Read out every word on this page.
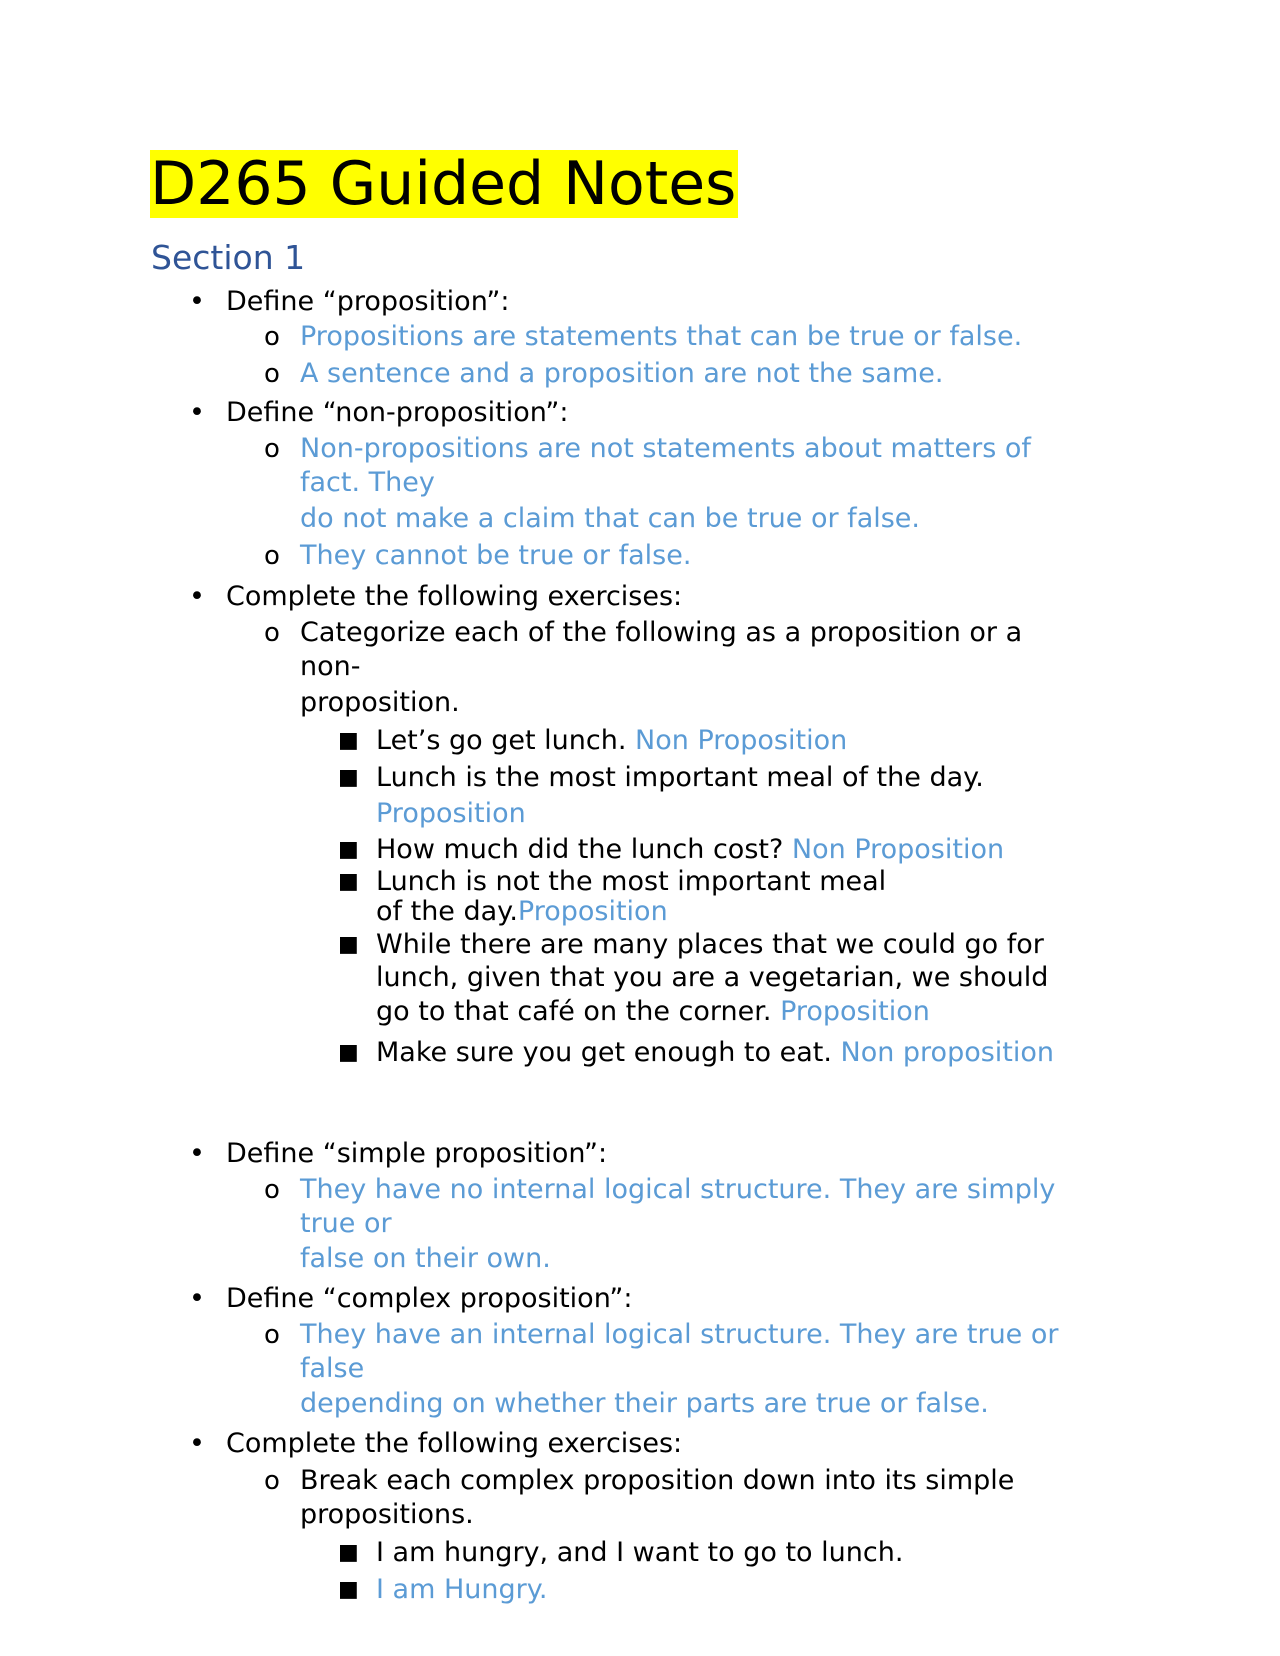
D265 Guided Notes
Section 1
• Define “proposition”:
o Propositions are statements that can be true or false.
o A sentence and a proposition are not the same.
• Define “non-proposition”:
o Non-propositions are not statements about matters of
fact. They
do not make a claim that can be true or false.
o They cannot be true or false.
• Complete the following exercises:
o Categorize each of the following as a proposition or a
non-
proposition.
■ Let’s go get lunch. Non Proposition
■ Lunch is the most important meal of the day.
Proposition
■ How much did the lunch cost? Non Proposition
■ Lunch is not the most important meal
of the day.Proposition
■ While there are many places that we could go for
lunch, given that you are a vegetarian, we should
go to that café on the corner. Proposition
■ Make sure you get enough to eat. Non proposition
• Define “simple proposition”:
o They have no internal logical structure. They are simply
true or
false on their own.
• Define “complex proposition”:
o They have an internal logical structure. They are true or
false
depending on whether their parts are true or false.
• Complete the following exercises:
o Break each complex proposition down into its simple
propositions.
■ I am hungry, and I want to go to lunch.
■ I am Hungry.
